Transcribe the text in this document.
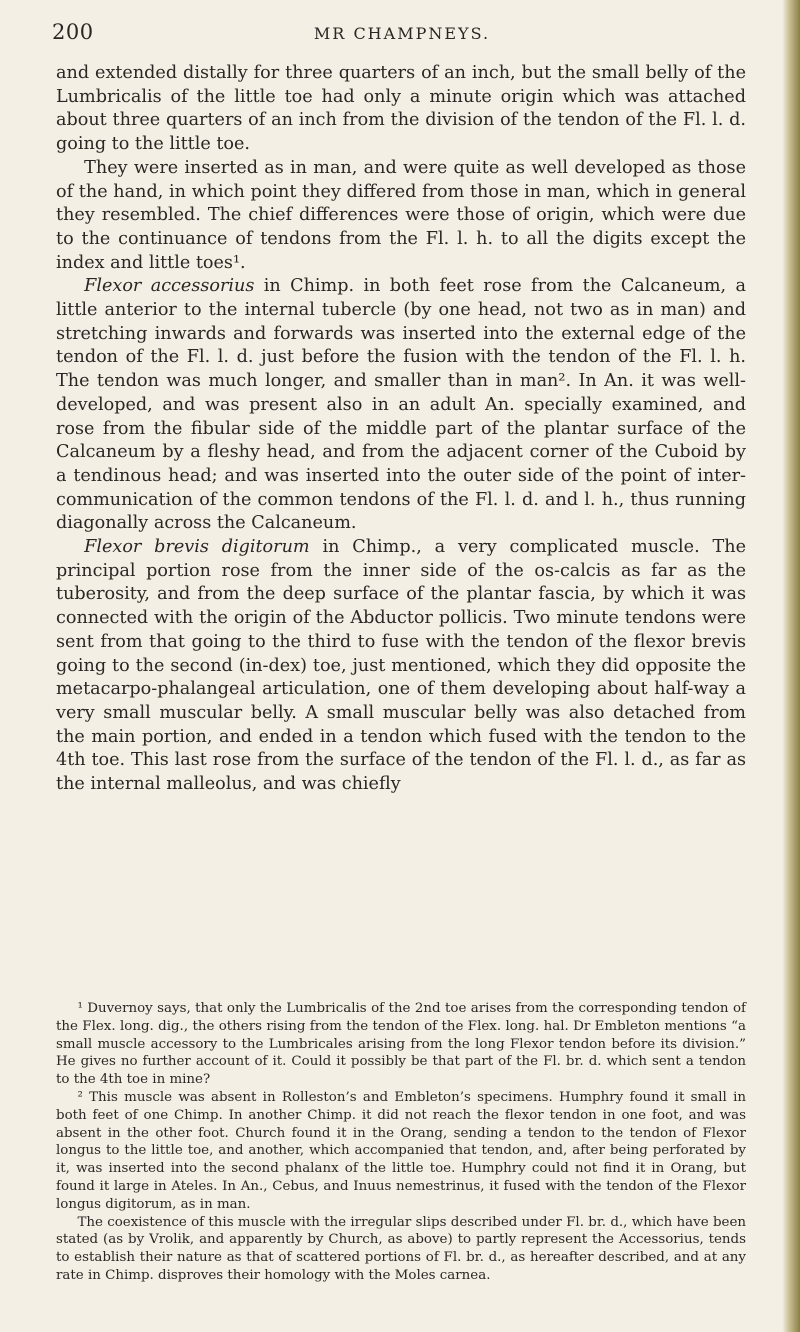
200	MR CHAMPNEYS.

and extended distally for three quarters of an inch, but the small belly of the Lumbricalis of the little toe had only a minute origin which was attached about three quarters of an inch from the division of the tendon of the Fl. l. d. going to the little toe.

They were inserted as in man, and were quite as well developed as those of the hand, in which point they differed from those in man, which in general they resembled. The chief differences were those of origin, which were due to the continuance of tendons from the Fl. l. h. to all the digits except the index and little toes¹.

Flexor accessorius in Chimp. in both feet rose from the Calcaneum, a little anterior to the internal tubercle (by one head, not two as in man) and stretching inwards and forwards was inserted into the external edge of the tendon of the Fl. l. d. just before the fusion with the tendon of the Fl. l. h. The tendon was much longer, and smaller than in man². In An. it was well-developed, and was present also in an adult An. specially examined, and rose from the fibular side of the middle part of the plantar surface of the Calcaneum by a fleshy head, and from the adjacent corner of the Cuboid by a tendinous head; and was inserted into the outer side of the point of inter-communication of the common tendons of the Fl. l. d. and l. h., thus running diagonally across the Calcaneum.

Flexor brevis digitorum in Chimp., a very complicated muscle. The principal portion rose from the inner side of the os-calcis as far as the tuberosity, and from the deep surface of the plantar fascia, by which it was connected with the origin of the Abductor pollicis. Two minute tendons were sent from that going to the third to fuse with the tendon of the flexor brevis going to the second (in-dex) toe, just mentioned, which they did opposite the metacarpo-phalangeal articulation, one of them developing about half-way a very small muscular belly. A small muscular belly was also detached from the main portion, and ended in a tendon which fused with the tendon to the 4th toe. This last rose from the surface of the tendon of the Fl. l. d., as far as the internal malleolus, and was chiefly

¹ Duvernoy says, that only the Lumbricalis of the 2nd toe arises from the corresponding tendon of the Flex. long. dig., the others rising from the tendon of the Flex. long. hal. Dr Embleton mentions “a small muscle accessory to the Lumbricales arising from the long Flexor tendon before its division.” He gives no further account of it. Could it possibly be that part of the Fl. br. d. which sent a tendon to the 4th toe in mine?

² This muscle was absent in Rolleston’s and Embleton’s specimens. Humphry found it small in both feet of one Chimp. In another Chimp. it did not reach the flexor tendon in one foot, and was absent in the other foot. Church found it in the Orang, sending a tendon to the tendon of Flexor longus to the little toe, and another, which accompanied that tendon, and, after being perforated by it, was inserted into the second phalanx of the little toe. Humphry could not find it in Orang, but found it large in Ateles. In An., Cebus, and Inuus nemestrinus, it fused with the tendon of the Flexor longus digitorum, as in man.

The coexistence of this muscle with the irregular slips described under Fl. br. d., which have been stated (as by Vrolik, and apparently by Church, as above) to partly represent the Accessorius, tends to establish their nature as that of scattered portions of Fl. br. d., as hereafter described, and at any rate in Chimp. disproves their homology with the Moles carnea.
